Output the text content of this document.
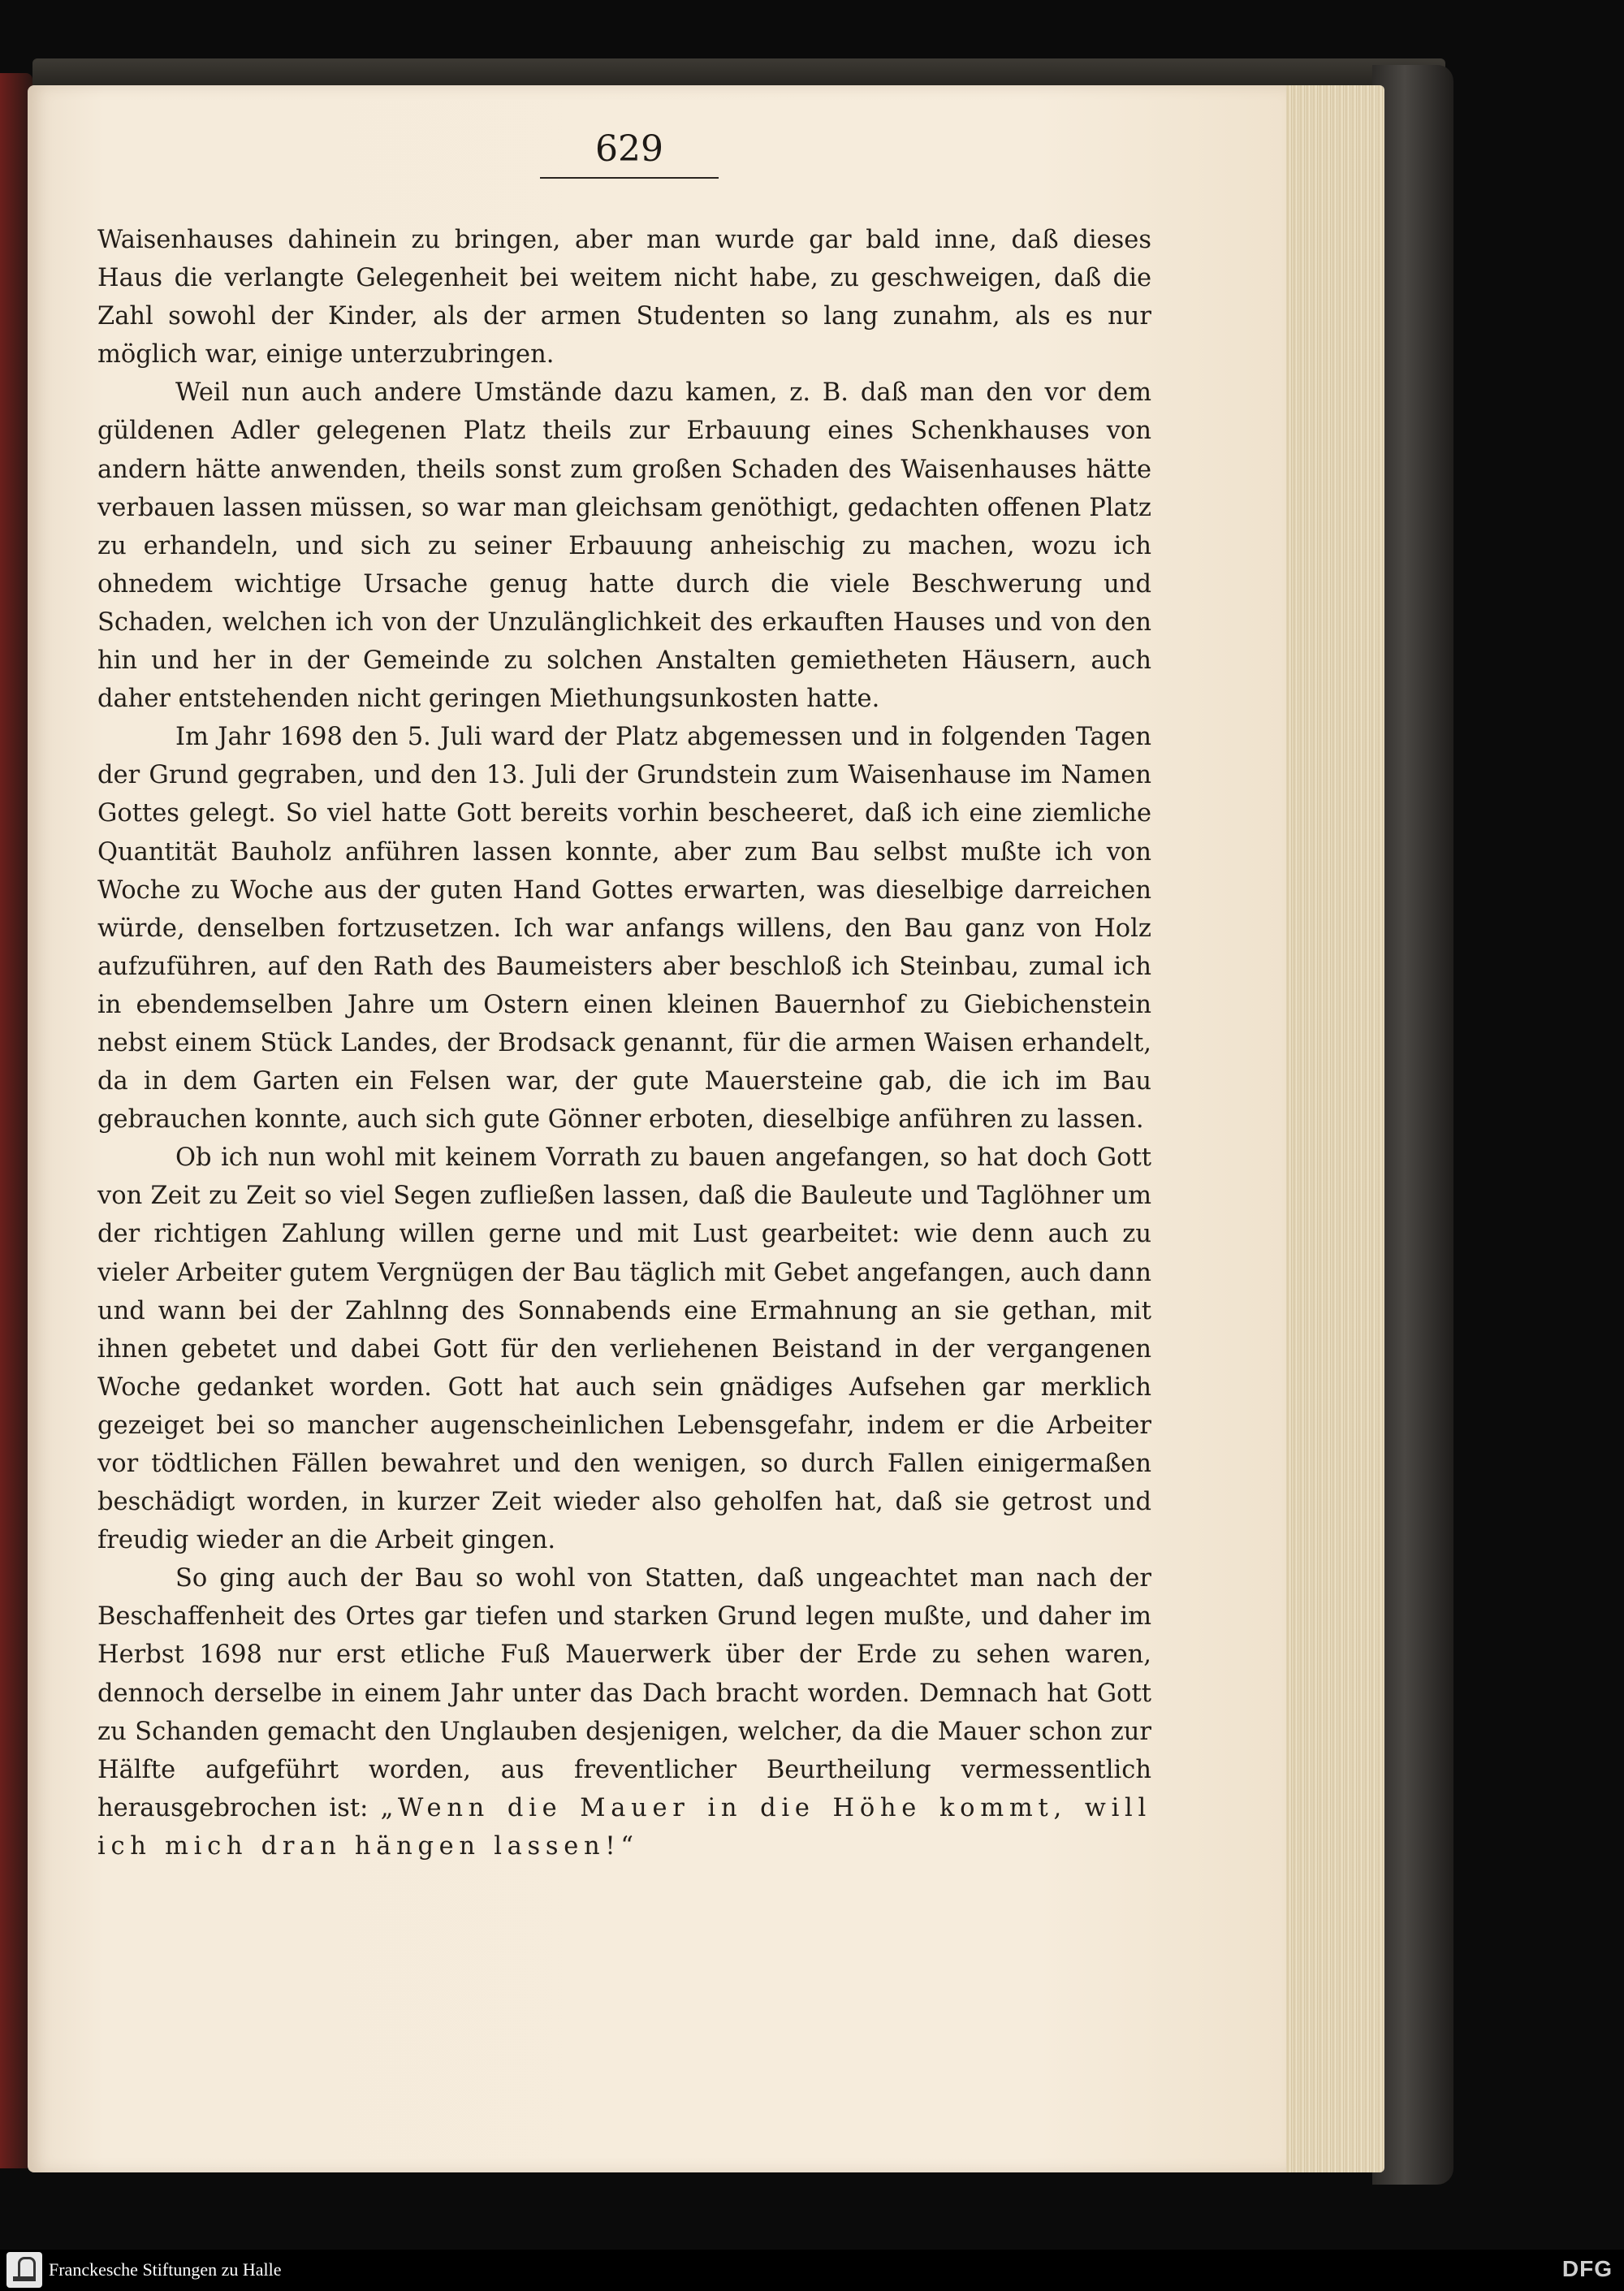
629

Waisenhauses dahinein zu bringen, aber man wurde gar bald inne, daß dieses Haus die verlangte Gelegenheit bei weitem nicht habe, zu geschweigen, daß die Zahl sowohl der Kinder, als der armen Studenten so lang zunahm, als es nur möglich war, einige unterzubringen.

Weil nun auch andere Umstände dazu kamen, z. B. daß man den vor dem güldenen Adler gelegenen Platz theils zur Erbauung eines Schenkhauses von andern hätte anwenden, theils sonst zum großen Schaden des Waisenhauses hätte verbauen lassen müssen, so war man gleichsam genöthigt, gedachten offenen Platz zu erhandeln, und sich zu seiner Erbauung anheischig zu machen, wozu ich ohnedem wichtige Ursache genug hatte durch die viele Beschwerung und Schaden, welchen ich von der Unzulänglichkeit des erkauften Hauses und von den hin und her in der Gemeinde zu solchen Anstalten gemietheten Häusern, auch daher entstehenden nicht geringen Miethungsunkosten hatte.

Im Jahr 1698 den 5. Juli ward der Platz abgemessen und in folgenden Tagen der Grund gegraben, und den 13. Juli der Grundstein zum Waisenhause im Namen Gottes gelegt. So viel hatte Gott bereits vorhin bescheeret, daß ich eine ziemliche Quantität Bauholz anführen lassen konnte, aber zum Bau selbst mußte ich von Woche zu Woche aus der guten Hand Gottes erwarten, was dieselbige darreichen würde, denselben fortzusetzen. Ich war anfangs willens, den Bau ganz von Holz aufzuführen, auf den Rath des Baumeisters aber beschloß ich Steinbau, zumal ich in ebendemselben Jahre um Ostern einen kleinen Bauernhof zu Giebichenstein nebst einem Stück Landes, der Brodsack genannt, für die armen Waisen erhandelt, da in dem Garten ein Felsen war, der gute Mauersteine gab, die ich im Bau gebrauchen konnte, auch sich gute Gönner erboten, dieselbige anführen zu lassen.

Ob ich nun wohl mit keinem Vorrath zu bauen angefangen, so hat doch Gott von Zeit zu Zeit so viel Segen zufließen lassen, daß die Bauleute und Taglöhner um der richtigen Zahlung willen gerne und mit Lust gearbeitet: wie denn auch zu vieler Arbeiter gutem Vergnügen der Bau täglich mit Gebet angefangen, auch dann und wann bei der Zahlnng des Sonnabends eine Ermahnung an sie gethan, mit ihnen gebetet und dabei Gott für den verliehenen Beistand in der vergangenen Woche gedanket worden. Gott hat auch sein gnädiges Aufsehen gar merklich gezeiget bei so mancher augenscheinlichen Lebensgefahr, indem er die Arbeiter vor tödtlichen Fällen bewahret und den wenigen, so durch Fallen einigermaßen beschädigt worden, in kurzer Zeit wieder also geholfen hat, daß sie getrost und freudig wieder an die Arbeit gingen.

So ging auch der Bau so wohl von Statten, daß ungeachtet man nach der Beschaffenheit des Ortes gar tiefen und starken Grund legen mußte, und daher im Herbst 1698 nur erst etliche Fuß Mauerwerk über der Erde zu sehen waren, dennoch derselbe in einem Jahr unter das Dach bracht worden. Demnach hat Gott zu Schanden gemacht den Unglauben desjenigen, welcher, da die Mauer schon zur Hälfte aufgeführt worden, aus freventlicher Beurtheilung vermessentlich herausgebrochen ist: „Wenn die Mauer in die Höhe kommt, will ich mich dran hängen lassen!“

Franckesche Stiftungen zu Halle	DFG
